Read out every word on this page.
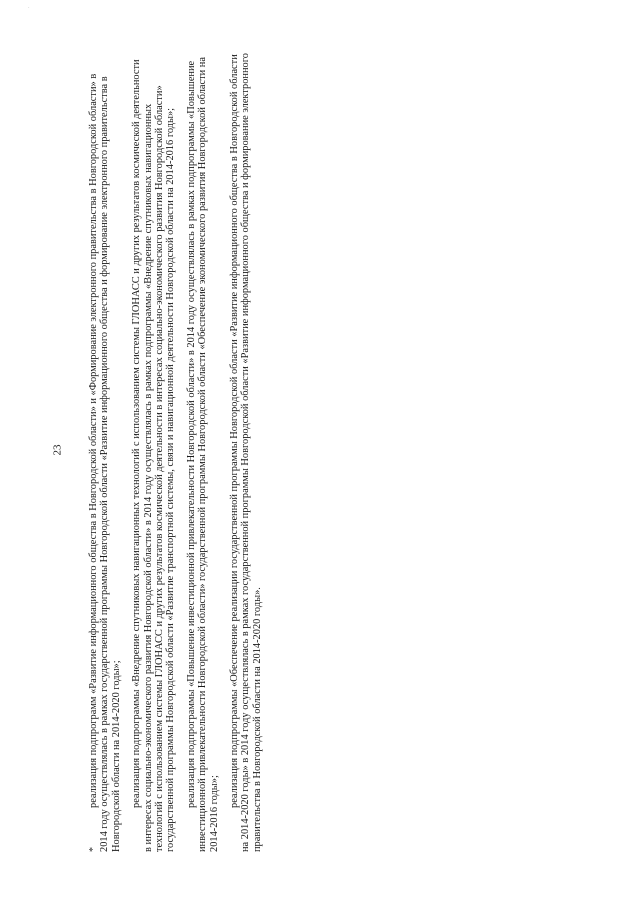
·
23

*
реализация подпрограмм «Развитие информационного общества в Новгородской области» и «Формирование электронного правительства в Новгородской области» в 2014 году осуществлялась в рамках государственной программы Новгородской области «Развитие информационного общества и формирование электронного правительства в Новгородской области на 2014-2020 годы»; реализация подпрограммы «Внедрение спутниковых навигационных технологий с использованием системы ГЛОНАСС и других результатов космической деятельности в интересах социально-экономического развития Новгородской области» в 2014 году осуществлялась в рамках подпрограммы «Внедрение спутниковых навигационных технологий с использованием системы ГЛОНАСС и других результатов космической деятельности в интересах социально-экономического развития Новгородской области» государственной программы Новгородской области «Развитие транспортной системы, связи и навигационной деятельности Новгородской области на 2014-2016 годы»; реализация подпрограммы «Повышение инвестиционной привлекательности Новгородской области» в 2014 году осуществлялась в рамках подпрограммы «Повышение инвестиционной привлекательности Новгородской области» государственной программы Новгородской области «Обеспечение экономического развития Новгородской области на 2014-2016 годы»;

реализация подпрограммы «Обеспечение реализации государственной программы Новгородской области «Развитие информационного общества в Новгородской области на 2014-2020 годы» в 2014 году осуществлялась в рамках государственной программы Новгородской области «Развитие информационного общества и формирование электронного правительства в Новгородской области на 2014-2020 годы».
